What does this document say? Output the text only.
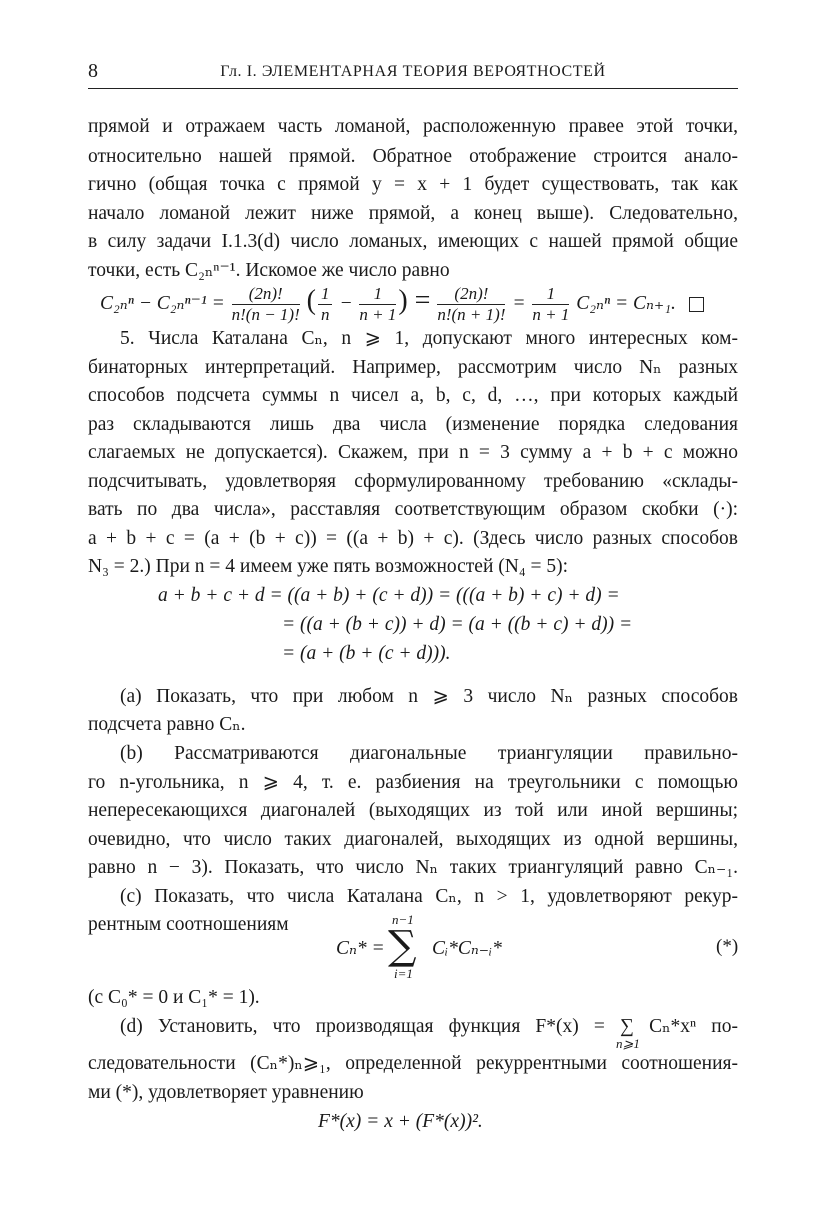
8	Гл. I. ЭЛЕМЕНТАРНАЯ ТЕОРИЯ ВЕРОЯТНОСТЕЙ
прямой и отражаем часть ломаной, расположенную правее этой точки,
относительно нашей прямой. Обратное отображение строится анало-
гично (общая точка с прямой y = x + 1 будет существовать, так как
началo ломаной лежит ниже прямой, а конец выше). Следовательно,
в силу задачи I.1.3(d) число ломаных, имеющих с нашей прямой общие
точки, есть C₂ₙⁿ⁻¹. Искомое же число равно
$C_{2n}^n - C_{2n}^{n-1} = \frac{(2n)!}{n!(n - 1)!}$ ( $\frac{1}{n} - \frac{1}{n + 1}$ ) = $\frac{(2n)!}{n!(n + 1)!} = \frac{1}{n + 1} C_{2n}^n = C_{n+1}$.
5. Числа Каталана Cₙ, n ⩾ 1, допускают много интересных ком-
бинаторных интерпретаций. Например, рассмотрим число Nₙ разных
способов подсчета суммы n чисел a, b, c, d, …, при которых каждый
раз складываются лишь два числа (изменение порядка следования
слагаемых не допускается). Скажем, при n = 3 сумму a + b + c можно
подсчитывать, удовлетворяя сформулированному требованию «склады-
вать по два числа», расставляя соответствующим образом скобки (·):
a + b + c = (a + (b + c)) = ((a + b) + c). (Здесь число разных способов
N₃ = 2.) При n = 4 имеем уже пять возможностей (N₄ = 5):
a + b + c + d = ((a + b) + (c + d)) = (((a + b) + c) + d) =
= ((a + (b + c)) + d) = (a + ((b + c) + d)) =
= (a + (b + (c + d))).
(a) Показать, что при любом n ⩾ 3 число Nₙ разных способов
подсчета равно Cₙ.
(b) Рассматриваются диагональные триангуляции правильно-
го n-угольника, n ⩾ 4, т. е. разбиения на треугольники с помощью
непересекающихся диагоналей (выходящих из той или иной вершины;
очевидно, что число таких диагоналей, выходящих из одной вершины,
равно n − 3). Показать, что число Nₙ таких триангуляций равно Cₙ₋₁.
(c) Показать, что числа Каталана Cₙ, n > 1, удовлетворяют рекур-
рентным соотношениям
Cₙ* =
n−1
∑
i=1
Cᵢ*Cₙ₋ᵢ*	(*)
(с C₀* = 0 и C₁* = 1).
(d) Установить, что производящая функция F*(x) = ∑ Cₙ*xⁿ по-
n⩾1
следовательности (Cₙ*)ₙ⩾₁, определенной рекуррентными соотношения-
ми (*), удовлетворяет уравнению
F*(x) = x + (F*(x))².
